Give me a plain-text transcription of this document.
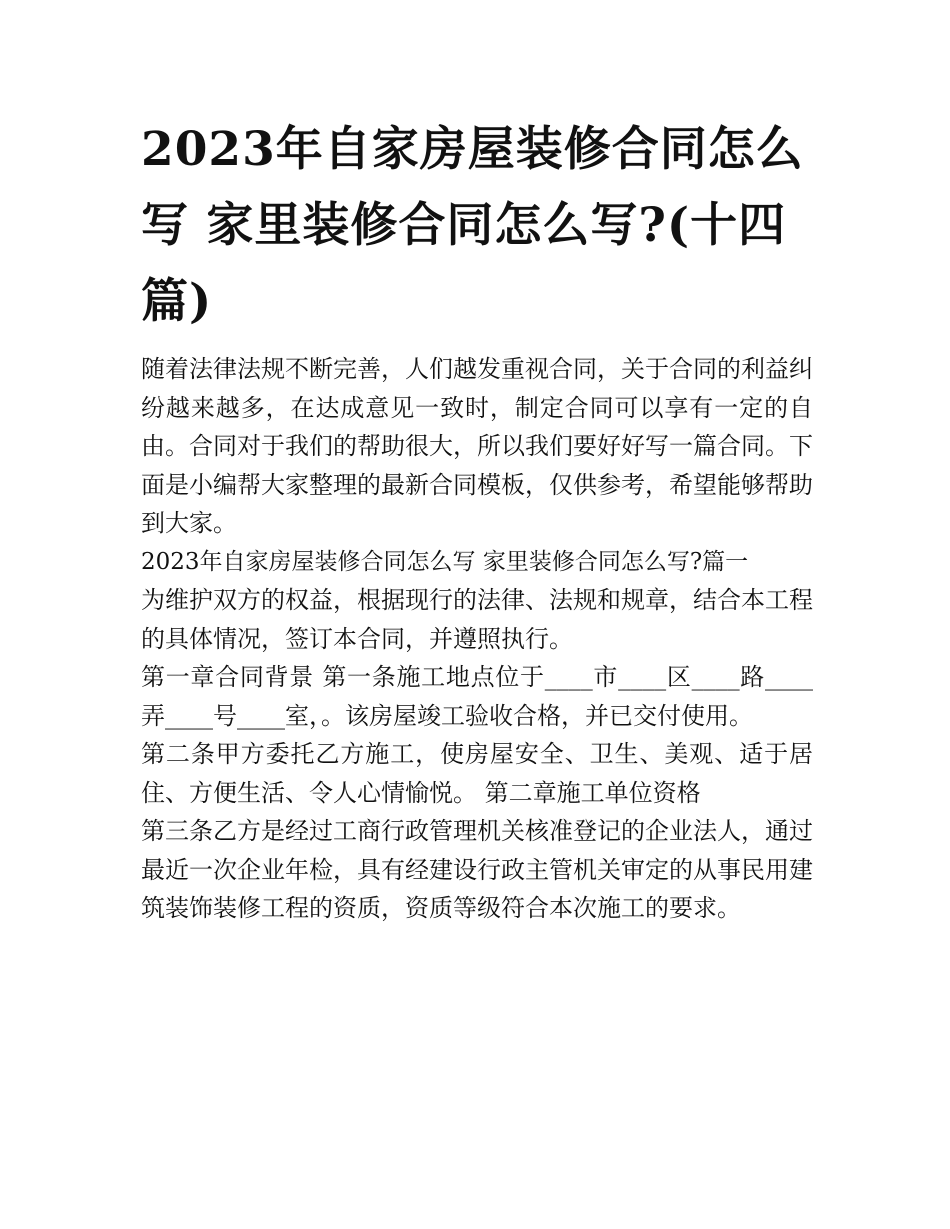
2023年自家房屋装修合同怎么写 家里装修合同怎么写?(十四篇)

随着法律法规不断完善，人们越发重视合同，关于合同的利益纠纷越来越多，在达成意见一致时，制定合同可以享有一定的自由。合同对于我们的帮助很大，所以我们要好好写一篇合同。下面是小编帮大家整理的最新合同模板，仅供参考，希望能够帮助到大家。

2023年自家房屋装修合同怎么写 家里装修合同怎么写?篇一

为维护双方的权益，根据现行的法律、法规和规章，结合本工程的具体情况，签订本合同，并遵照执行。

第一章合同背景 第一条施工地点位于____市____区____路____弄____号____室，。该房屋竣工验收合格，并已交付使用。

第二条甲方委托乙方施工，使房屋安全、卫生、美观、适于居住、方便生活、令人心情愉悦。 第二章施工单位资格

第三条乙方是经过工商行政管理机关核准登记的企业法人，通过最近一次企业年检，具有经建设行政主管机关审定的从事民用建筑装饰装修工程的资质，资质等级符合本次施工的要求。
